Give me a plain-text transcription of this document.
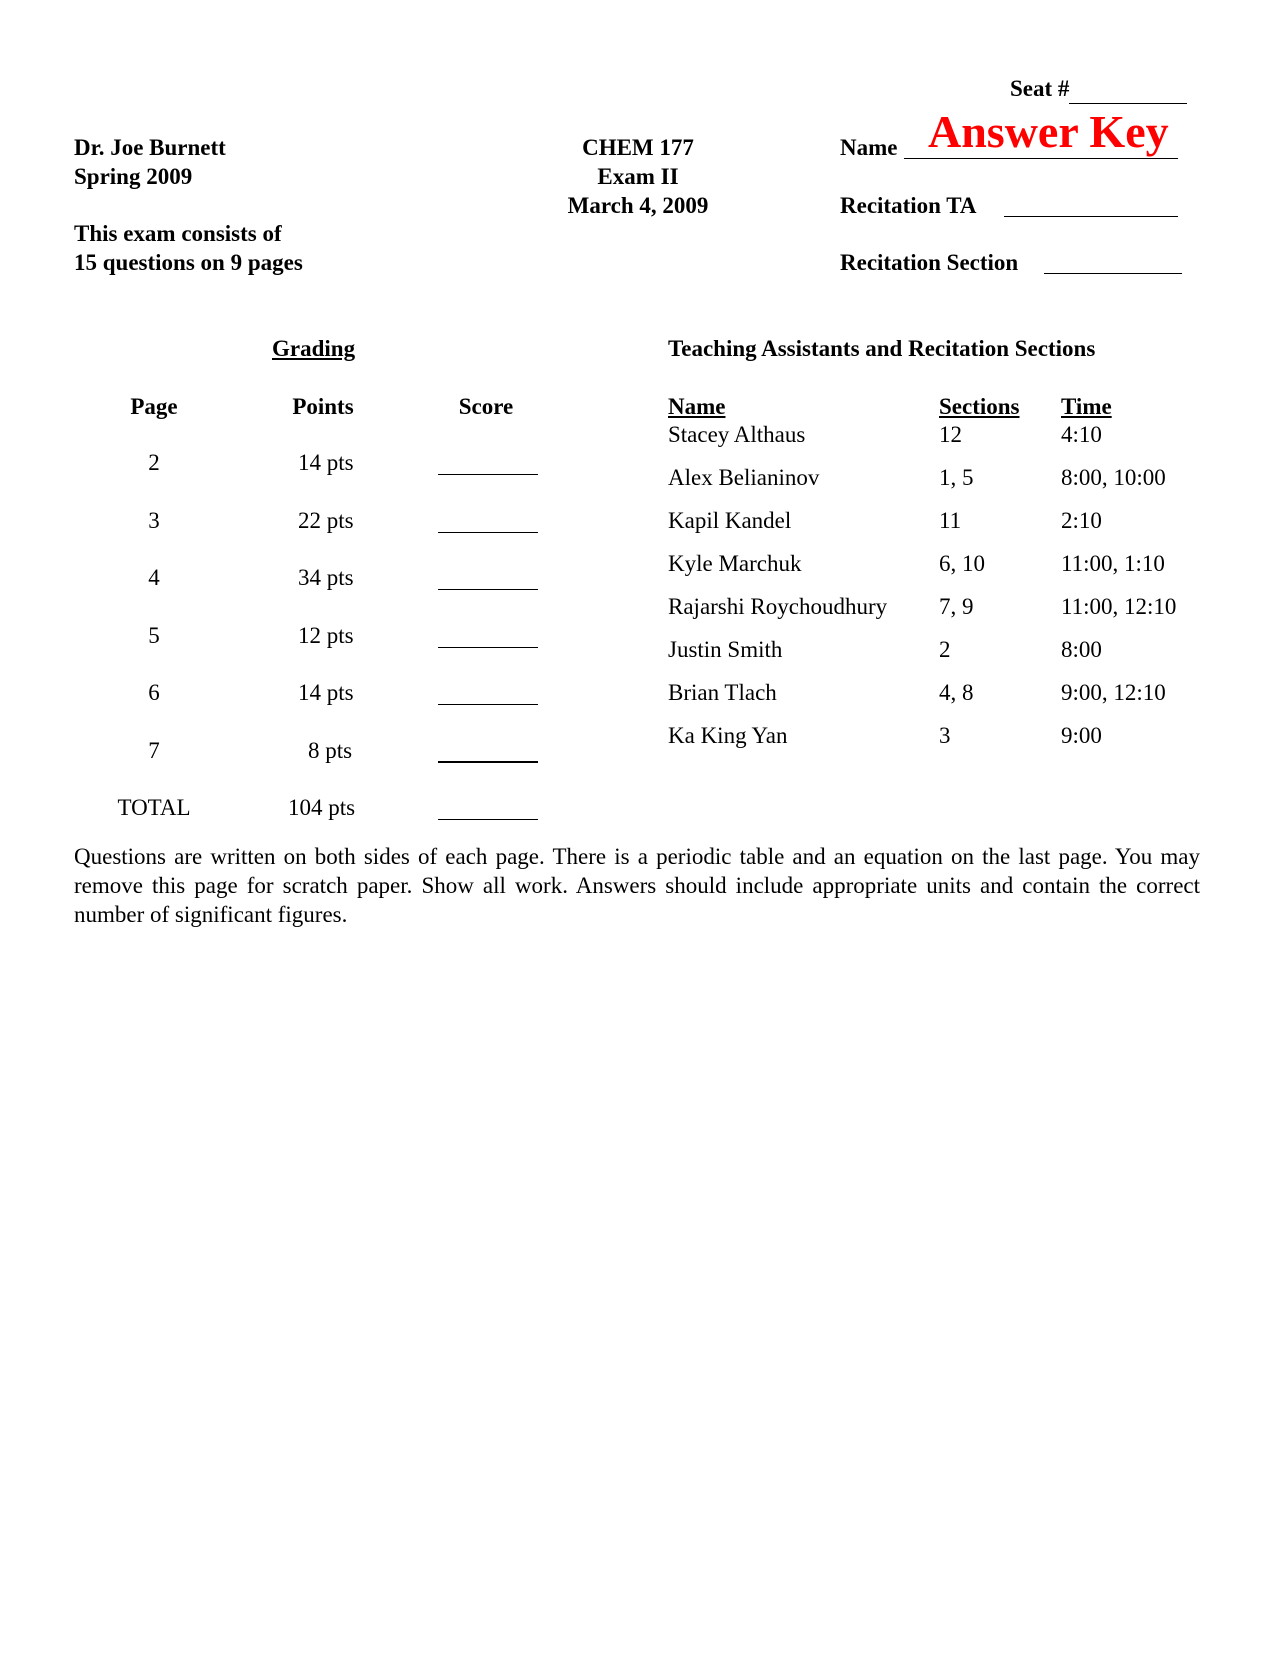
Seat #
Dr. Joe Burnett
Spring 2009
This exam consists of
15 questions on 9 pages
CHEM 177
Exam II
March 4, 2009
Name Answer Key
Recitation TA
Recitation Section
Grading
Page	Points	Score
2	14 pts
3	22 pts
4	34 pts
5	12 pts
6	14 pts
7	8 pts
TOTAL	104 pts
Teaching Assistants and Recitation Sections
Name	Sections Time
Stacey Althaus	12	4:10
Alex Belianinov	1, 5	8:00, 10:00
Kapil Kandel	11	2:10
Kyle Marchuk	6, 10	11:00, 1:10
Rajarshi Roychoudhury 7, 9	11:00, 12:10
Justin Smith	2	8:00
Brian Tlach	4, 8	9:00, 12:10
Ka King Yan	3	9:00
Questions are written on both sides of each page. There is a periodic table and an equation on the last page. You may remove this page for scratch paper. Show all work. Answers should include appropriate units and contain the correct number of significant figures.
